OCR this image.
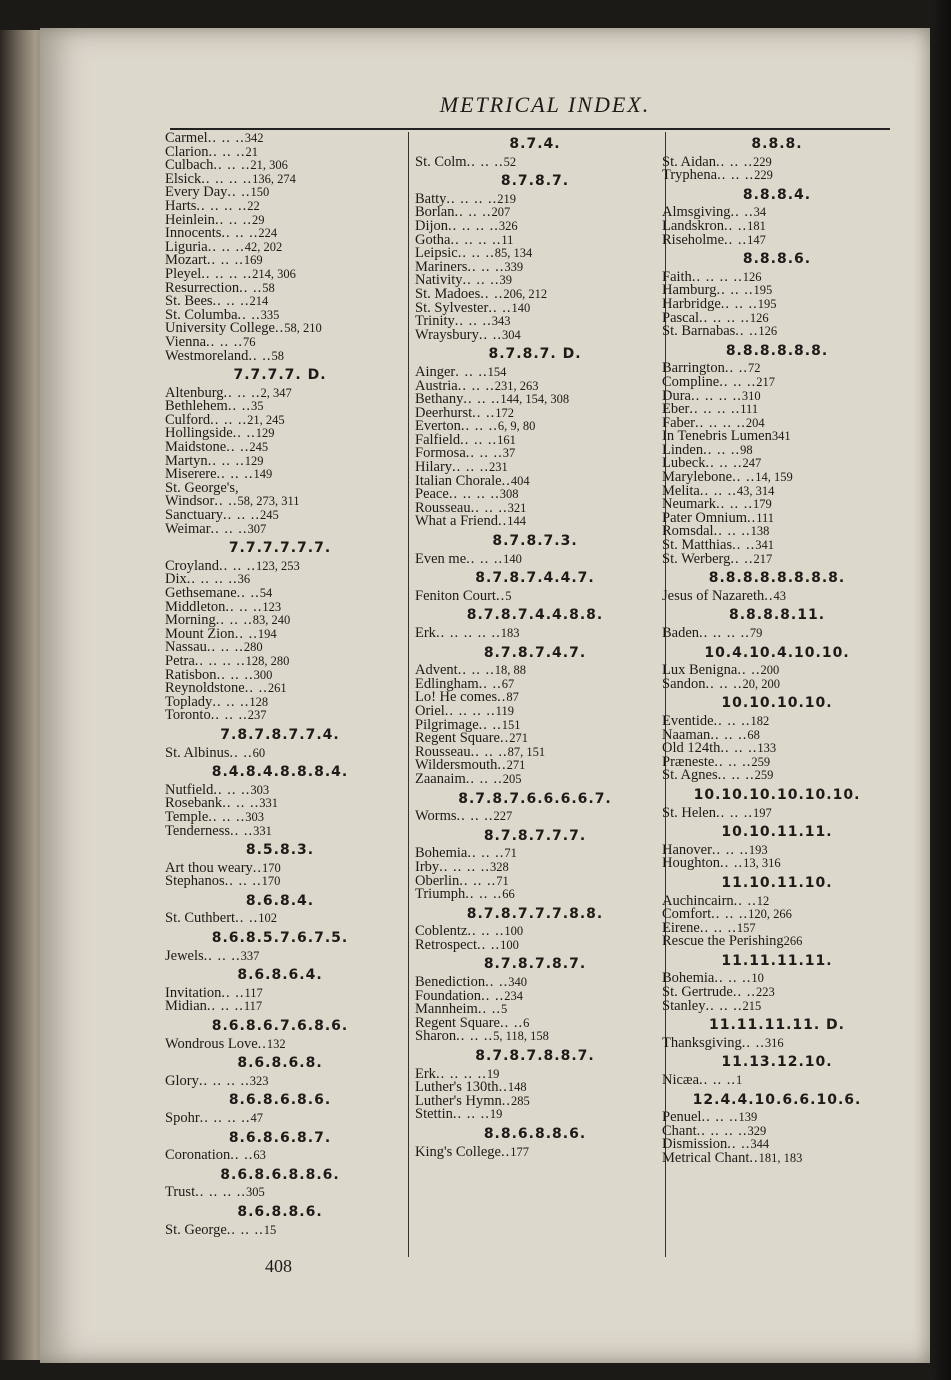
METRICAL INDEX.
Carmel .. .. .. 342
Clarion .. .. .. 21
Culbach .. .. .. 21, 306
Elsick .. .. .. .. 136, 274
Every Day .. .. 150
Harts .. .. .. .. 22
Heinlein .. .. .. 29
Innocents .. .. .. 224
Liguria .. .. .. 42, 202
Mozart .. .. .. 169
Pleyel .. .. .. .. 214, 306
Resurrection .. .. 58
St. Bees .. .. .. 214
St. Columba .. .. 335
University College .. 58, 210
Vienna .. .. .. 76
Westmoreland .. .. 58
7.7.7.7. D.
Altenburg .. .. .. 2, 347
Bethlehem .. .. 35
Culford .. .. .. 21, 245
Hollingside .. .. 129
Maidstone .. .. 245
Martyn .. .. .. 129
Miserere .. .. .. 149
St. George's,
Windsor .. .. 58, 273, 311
Sanctuary .. .. .. 245
Weimar .. .. .. 307
7.7.7.7.7.7.
Croyland .. .. .. 123, 253
Dix .. .. .. .. 36
Gethsemane .. .. 54
Middleton .. .. .. 123
Morning .. .. .. 83, 240
Mount Zion .. .. 194
Nassau .. .. .. 280
Petra .. .. .. .. 128, 280
Ratisbon .. .. .. 300
Reynoldstone .. .. 261
Toplady .. .. .. 128
Toronto .. .. .. 237
7.8.7.8.7.7.4.
St. Albinus .. .. 60
8.4.8.4.8.8.8.4.
Nutfield .. .. .. 303
Rosebank .. .. .. 331
Temple .. .. .. 303
Tenderness .. .. 331
8.5.8.3.
Art thou weary .. 170
Stephanos .. .. .. 170
8.6.8.4.
St. Cuthbert .. .. 102
8.6.8.5.7.6.7.5.
Jewels .. .. .. 337
8.6.8.6.4.
Invitation .. .. 117
Midian .. .. .. 117
8.6.8.6.7.6.8.6.
Wondrous Love .. 132
8.6.8.6.8.
Glory .. .. .. .. 323
8.6.8.6.8.6.
Spohr .. .. .. .. 47
8.6.8.6.8.7.
Coronation .. .. 63
8.6.8.6.8.8.6.
Trust .. .. .. .. 305
8.6.8.8.6.
St. George .. .. .. 15
8.7.4.
St. Colm .. .. .. 52
8.7.8.7.
Batty .. .. .. .. 219
Borlan .. .. .. 207
Dijon .. .. .. .. 326
Gotha .. .. .. .. 11
Leipsic .. .. .. 85, 134
Mariners .. .. .. 339
Nativity .. .. .. 39
St. Madoes .. .. 206, 212
St. Sylvester .. .. 140
Trinity .. .. .. 343
Wraysbury .. .. 304
8.7.8.7. D.
Ainger . .. .. 154
Austria .. .. .. 231, 263
Bethany .. .. .. 144, 154, 308
Deerhurst .. .. 172
Everton .. .. .. 6, 9, 80
Falfield .. .. .. 161
Formosa .. .. .. 37
Hilary .. .. .. 231
Italian Chorale .. 404
Peace .. .. .. .. 308
Rousseau .. .. .. 321
What a Friend .. 144
8.7.8.7.3.
Even me .. .. .. 140
8.7.8.7.4.4.7.
Feniton Court .. 5
8.7.8.7.4.4.8.8.
Erk .. .. .. .. .. 183
8.7.8.7.4.7.
Advent .. .. .. 18, 88
Edlingham .. .. 67
Lo! He comes .. 87
Oriel .. .. .. .. 119
Pilgrimage .. .. 151
Regent Square .. 271
Rousseau .. .. .. 87, 151
Wildersmouth .. 271
Zaanaim .. .. .. 205
8.7.8.7.6.6.6.6.7.
Worms .. .. .. 227
8.7.8.7.7.7.
Bohemia .. .. .. 71
Irby .. .. .. .. 328
Oberlin .. .. .. 71
Triumph .. .. .. 66
8.7.8.7.7.7.8.8.
Coblentz .. .. .. 100
Retrospect .. .. 100
8.7.8.7.8.7.
Benediction .. .. 340
Foundation .. .. 234
Mannheim .. .. 5
Regent Square .. .. 6
Sharon .. .. .. 5, 118, 158
8.7.8.7.8.8.7.
Erk .. .. .. .. 19
Luther's 130th .. 148
Luther's Hymn .. 285
Stettin .. .. .. 19
8.8.6.8.8.6.
King's College .. 177
8.8.8.
St. Aidan .. .. .. 229
Tryphena .. .. .. 229
8.8.8.4.
Almsgiving .. .. 34
Landskron .. .. 181
Riseholme .. .. 147
8.8.8.6.
Faith .. .. .. .. 126
Hamburg .. .. .. 195
Harbridge .. .. .. 195
Pascal .. .. .. .. 126
St. Barnabas .. .. 126
8.8.8.8.8.8.
Barrington .. .. 72
Compline .. .. .. 217
Dura .. .. .. .. 310
Eber .. .. .. .. 111
Faber .. .. .. .. 204
In Tenebris Lumen 341
Linden .. .. .. 98
Lubeck .. .. .. 247
Marylebone .. .. 14, 159
Melita .. .. .. 43, 314
Neumark .. .. .. 179
Pater Omnium .. 111
Romsdal .. .. .. 138
St. Matthias .. .. 341
St. Werberg .. .. 217
8.8.8.8.8.8.8.8.
Jesus of Nazareth .. 43
8.8.8.8.11.
Baden .. .. .. .. 79
10.4.10.4.10.10.
Lux Benigna .. .. 200
Sandon .. .. .. 20, 200
10.10.10.10.
Eventide .. .. .. 182
Naaman .. .. .. 68
Old 124th .. .. .. 133
Præneste .. .. .. 259
St. Agnes .. .. .. 259
10.10.10.10.10.10.
St. Helen .. .. .. 197
10.10.11.11.
Hanover .. .. .. 193
Houghton .. .. 13, 316
11.10.11.10.
Auchincairn .. .. 12
Comfort .. .. .. 120, 266
Eirene .. .. .. 157
Rescue the Perishing 266
11.11.11.11.
Bohemia .. .. .. 10
St. Gertrude .. .. 223
Stanley .. .. .. 215
11.11.11.11. D.
Thanksgiving .. .. 316
11.13.12.10.
Nicæa .. .. .. 1
12.4.4.10.6.6.10.6.
Penuel .. .. .. 139
Chant .. .. .. .. 329
Dismission .. .. 344
Metrical Chant .. 181, 183
408
